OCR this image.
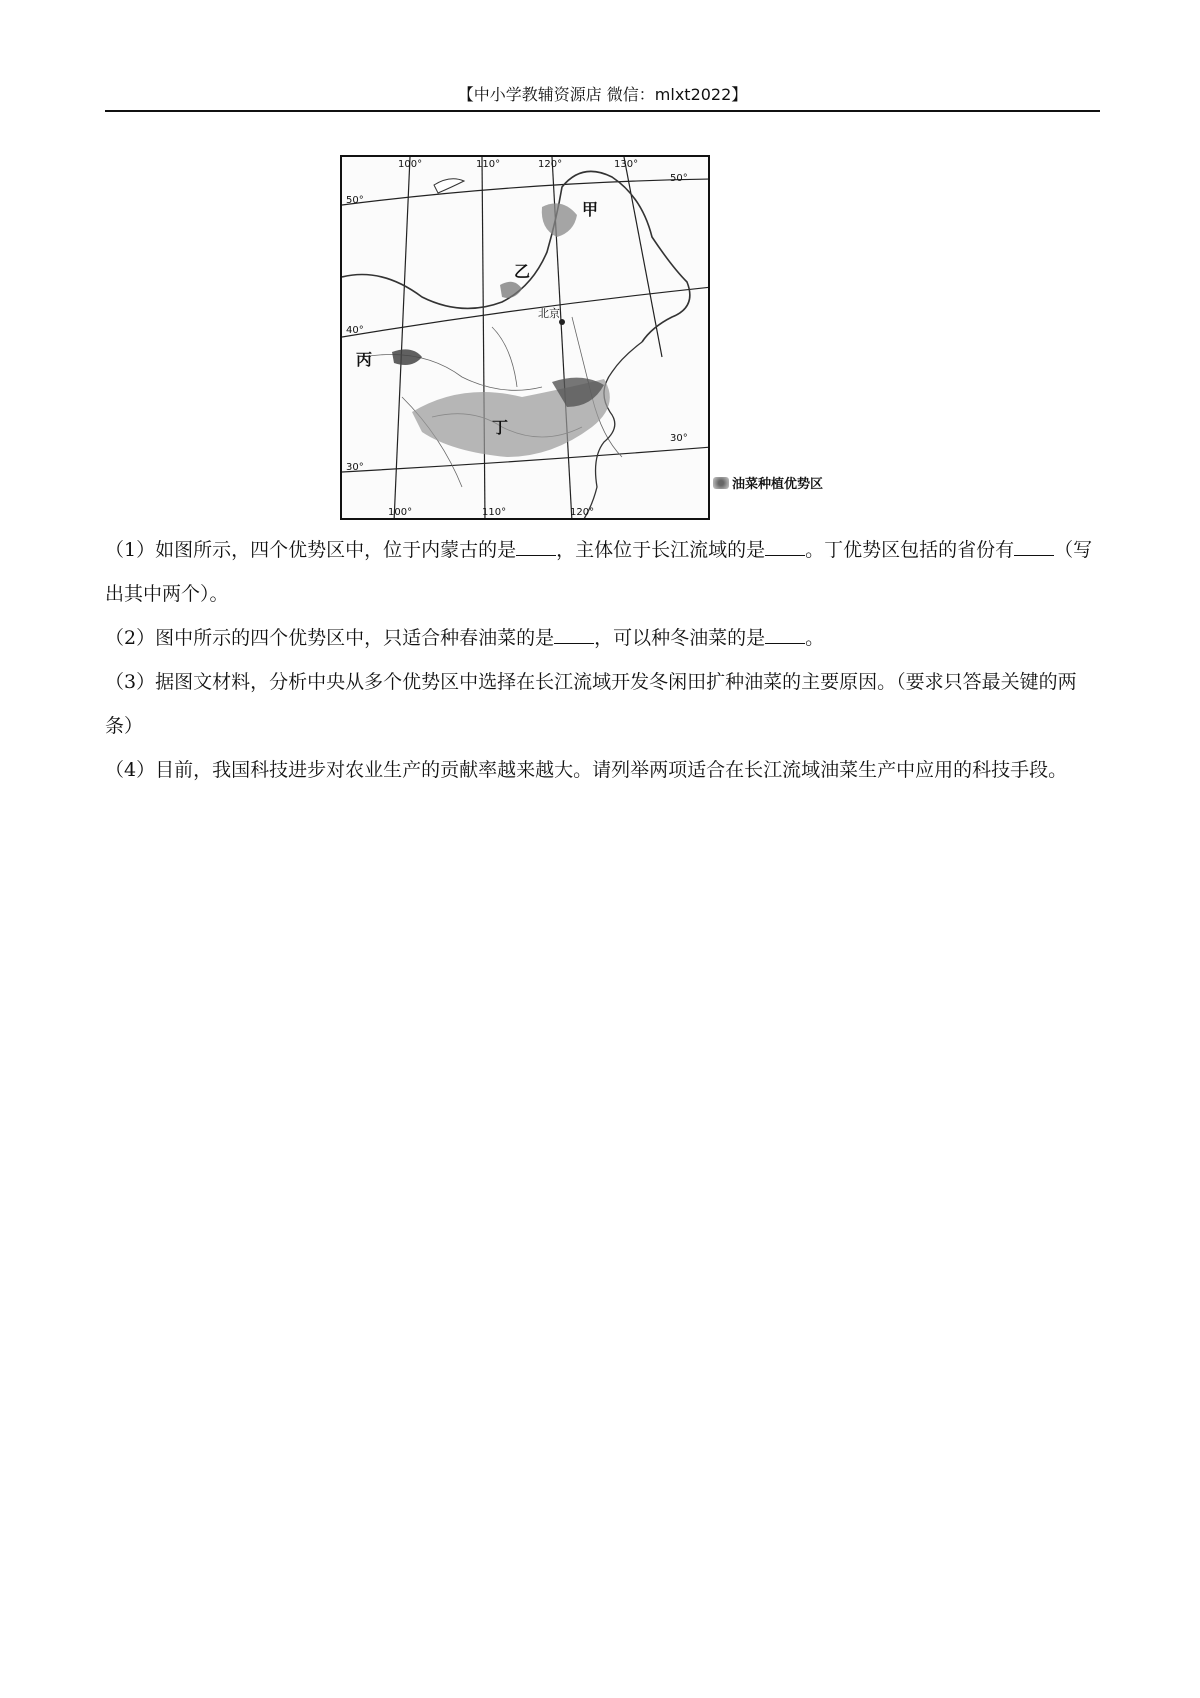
【中小学教辅资源店 微信：mlxt2022】
100°	110°	120°	130°
50°
40°
30°
50°
30°
100°	110°	120°
甲
乙
丙
丁
北京
油菜种植优势区

（1）如图所示，四个优势区中，位于内蒙古的是 ，主体位于长江流域的是 。丁优势区包括的省份有 （写出其中两个）。

（2）图中所示的四个优势区中，只适合种春油菜的是 ，可以种冬油菜的是 。

（3）据图文材料，分析中央从多个优势区中选择在长江流域开发冬闲田扩种油菜的主要原因。（要求只答最关键的两条）

（4）目前，我国科技进步对农业生产的贡献率越来越大。请列举两项适合在长江流域油菜生产中应用的科技手段。
